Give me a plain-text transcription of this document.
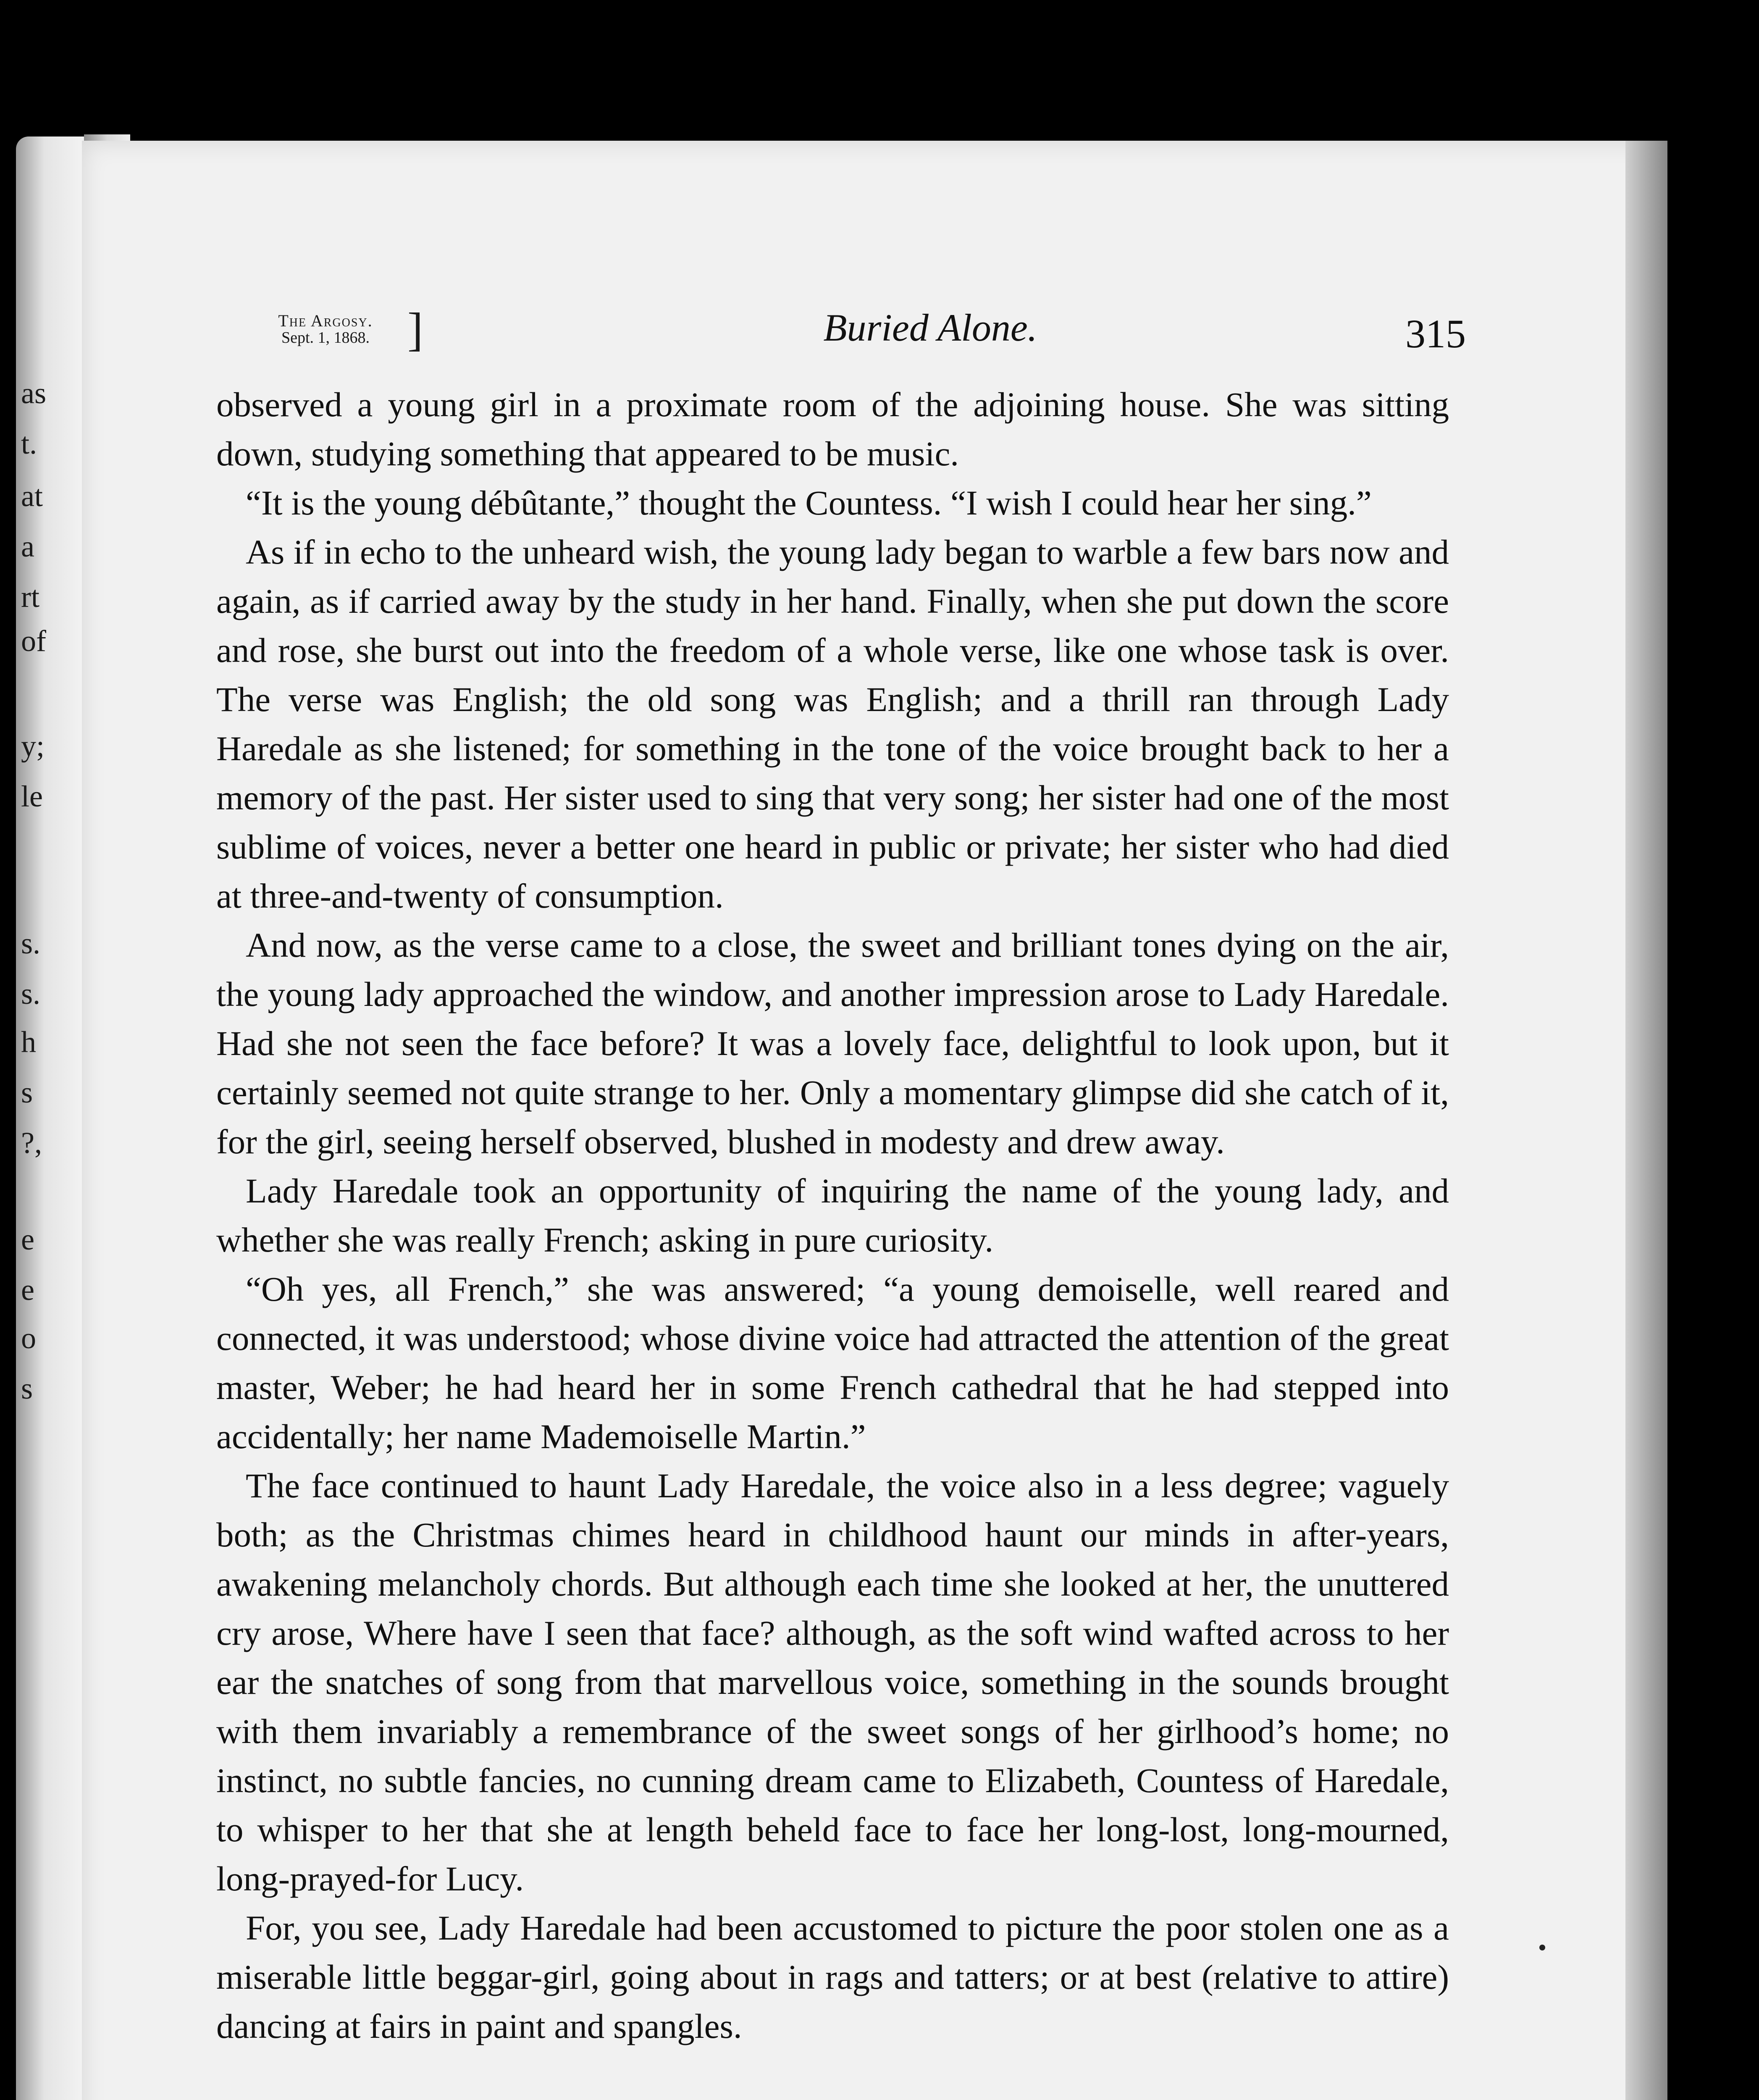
as
t.
at
a
rt
of
y;
le
s.
s.
h
s
?,
e
e
o
s
The Argosy.
Sept. 1, 1868. ]	Buried Alone.	315

observed a young girl in a proximate room of the adjoining house. She was sitting down, studying something that appeared to be music.

“It is the young débûtante,” thought the Countess. “I wish I could hear her sing.”

As if in echo to the unheard wish, the young lady began to warble a few bars now and again, as if carried away by the study in her hand. Finally, when she put down the score and rose, she burst out into the freedom of a whole verse, like one whose task is over. The verse was English; the old song was English; and a thrill ran through Lady Haredale as she listened; for something in the tone of the voice brought back to her a memory of the past. Her sister used to sing that very song; her sister had one of the most sublime of voices, never a better one heard in public or private; her sister who had died at three-and-twenty of consumption.

And now, as the verse came to a close, the sweet and brilliant tones dying on the air, the young lady approached the window, and another impression arose to Lady Haredale. Had she not seen the face before? It was a lovely face, delightful to look upon, but it certainly seemed not quite strange to her. Only a momentary glimpse did she catch of it, for the girl, seeing herself observed, blushed in modesty and drew away.

Lady Haredale took an opportunity of inquiring the name of the young lady, and whether she was really French; asking in pure curiosity.

“Oh yes, all French,” she was answered; “a young demoiselle, well reared and connected, it was understood; whose divine voice had attracted the attention of the great master, Weber; he had heard her in some French cathedral that he had stepped into accidentally; her name Mademoiselle Martin.”

The face continued to haunt Lady Haredale, the voice also in a less degree; vaguely both; as the Christmas chimes heard in childhood haunt our minds in after-years, awakening melancholy chords. But although each time she looked at her, the unuttered cry arose, Where have I seen that face? although, as the soft wind wafted across to her ear the snatches of song from that marvellous voice, something in the sounds brought with them invariably a remembrance of the sweet songs of her girlhood’s home; no instinct, no subtle fancies, no cunning dream came to Elizabeth, Countess of Haredale, to whisper to her that she at length beheld face to face her long-lost, long-mourned, long-prayed-for Lucy.

For, you see, Lady Haredale had been accustomed to picture the poor stolen one as a miserable little beggar-girl, going about in rags and tatters; or at best (relative to attire) dancing at fairs in paint and spangles.
